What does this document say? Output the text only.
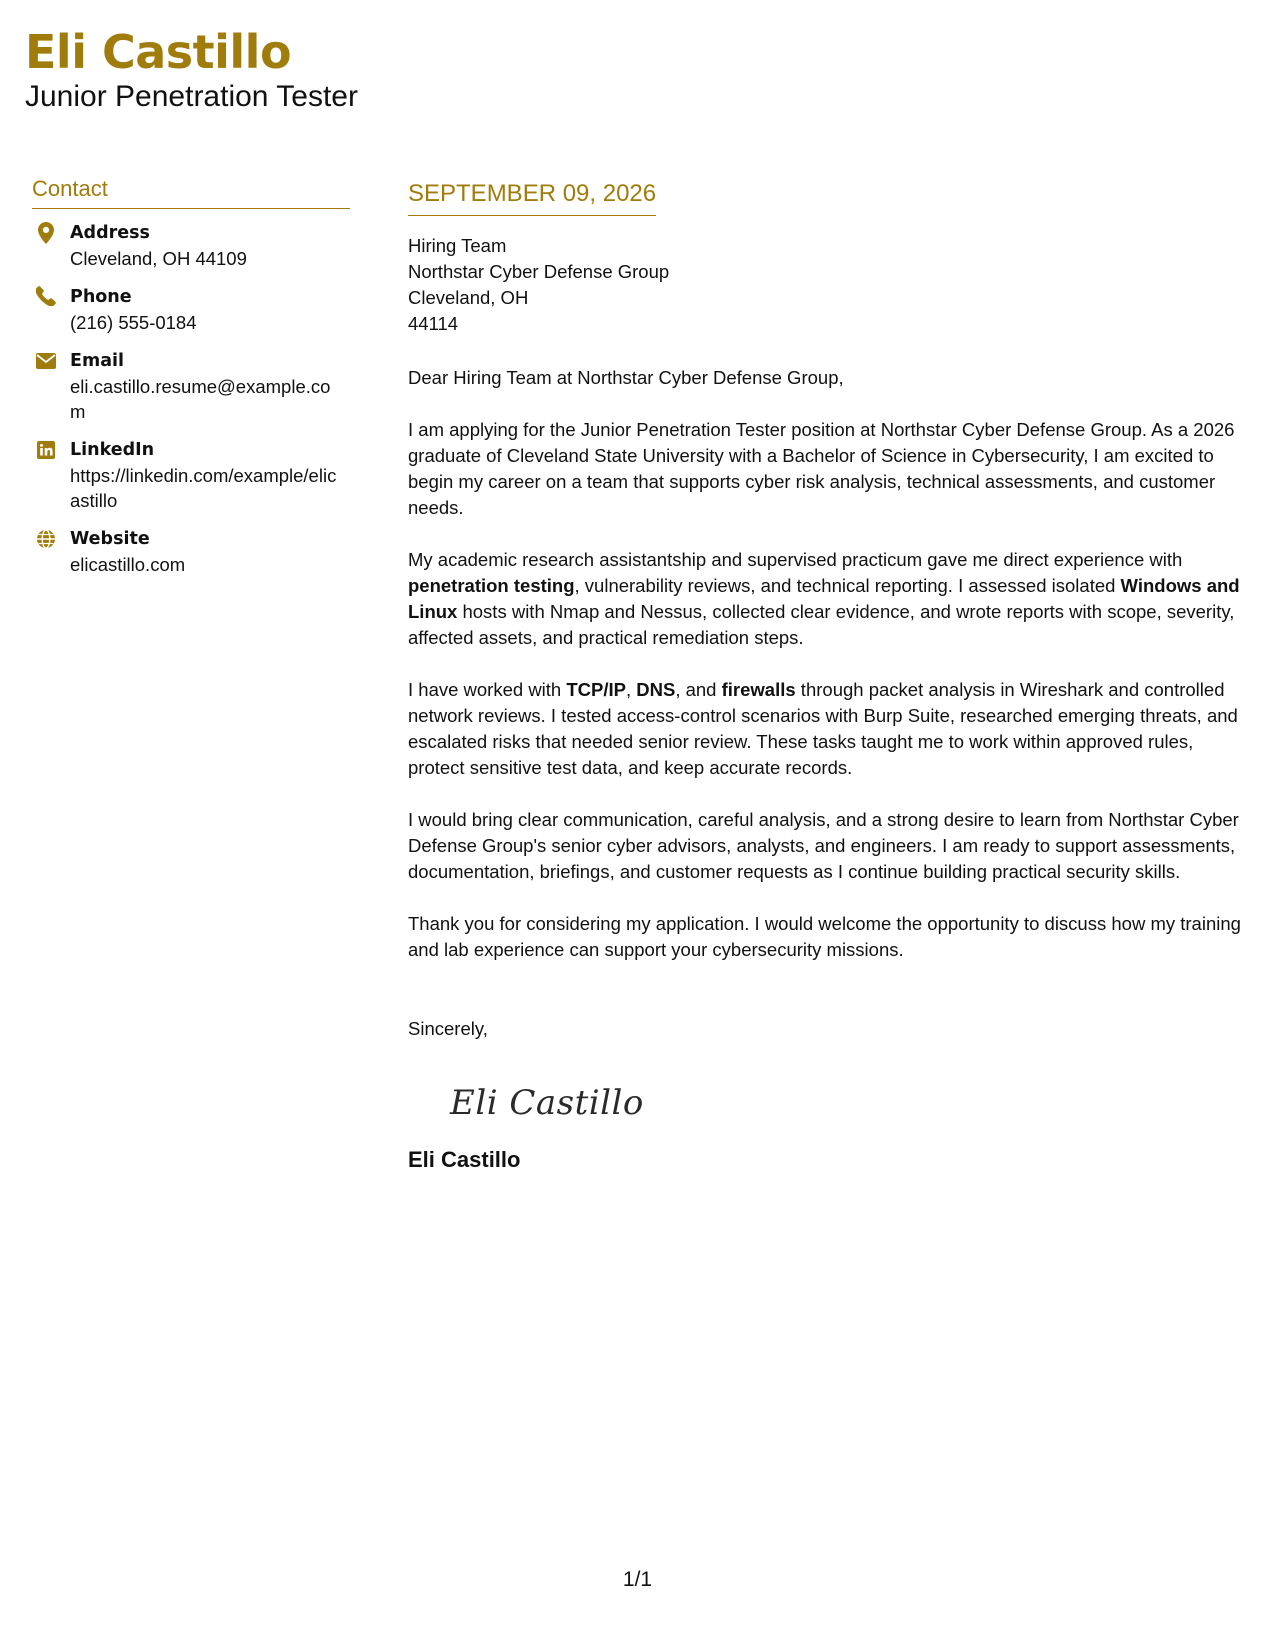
Eli Castillo
Junior Penetration Tester
Contact
Address
Cleveland, OH 44109
Phone
(216) 555-0184
Email
eli.castillo.resume@example.com
LinkedIn
https://linkedin.com/example/elicastillo
Website
elicastillo.com
SEPTEMBER 09, 2026
Hiring Team
Northstar Cyber Defense Group
Cleveland, OH
44114
Dear Hiring Team at Northstar Cyber Defense Group,
I am applying for the Junior Penetration Tester position at Northstar Cyber Defense Group. As a 2026 graduate of Cleveland State University with a Bachelor of Science in Cybersecurity, I am excited to begin my career on a team that supports cyber risk analysis, technical assessments, and customer needs.
My academic research assistantship and supervised practicum gave me direct experience with penetration testing, vulnerability reviews, and technical reporting. I assessed isolated Windows and Linux hosts with Nmap and Nessus, collected clear evidence, and wrote reports with scope, severity, affected assets, and practical remediation steps.
I have worked with TCP/IP, DNS, and firewalls through packet analysis in Wireshark and controlled network reviews. I tested access-control scenarios with Burp Suite, researched emerging threats, and escalated risks that needed senior review. These tasks taught me to work within approved rules, protect sensitive test data, and keep accurate records.
I would bring clear communication, careful analysis, and a strong desire to learn from Northstar Cyber Defense Group's senior cyber advisors, analysts, and engineers. I am ready to support assessments, documentation, briefings, and customer requests as I continue building practical security skills.
Thank you for considering my application. I would welcome the opportunity to discuss how my training and lab experience can support your cybersecurity missions.
Sincerely,
Eli Castillo
Eli Castillo
1/1
